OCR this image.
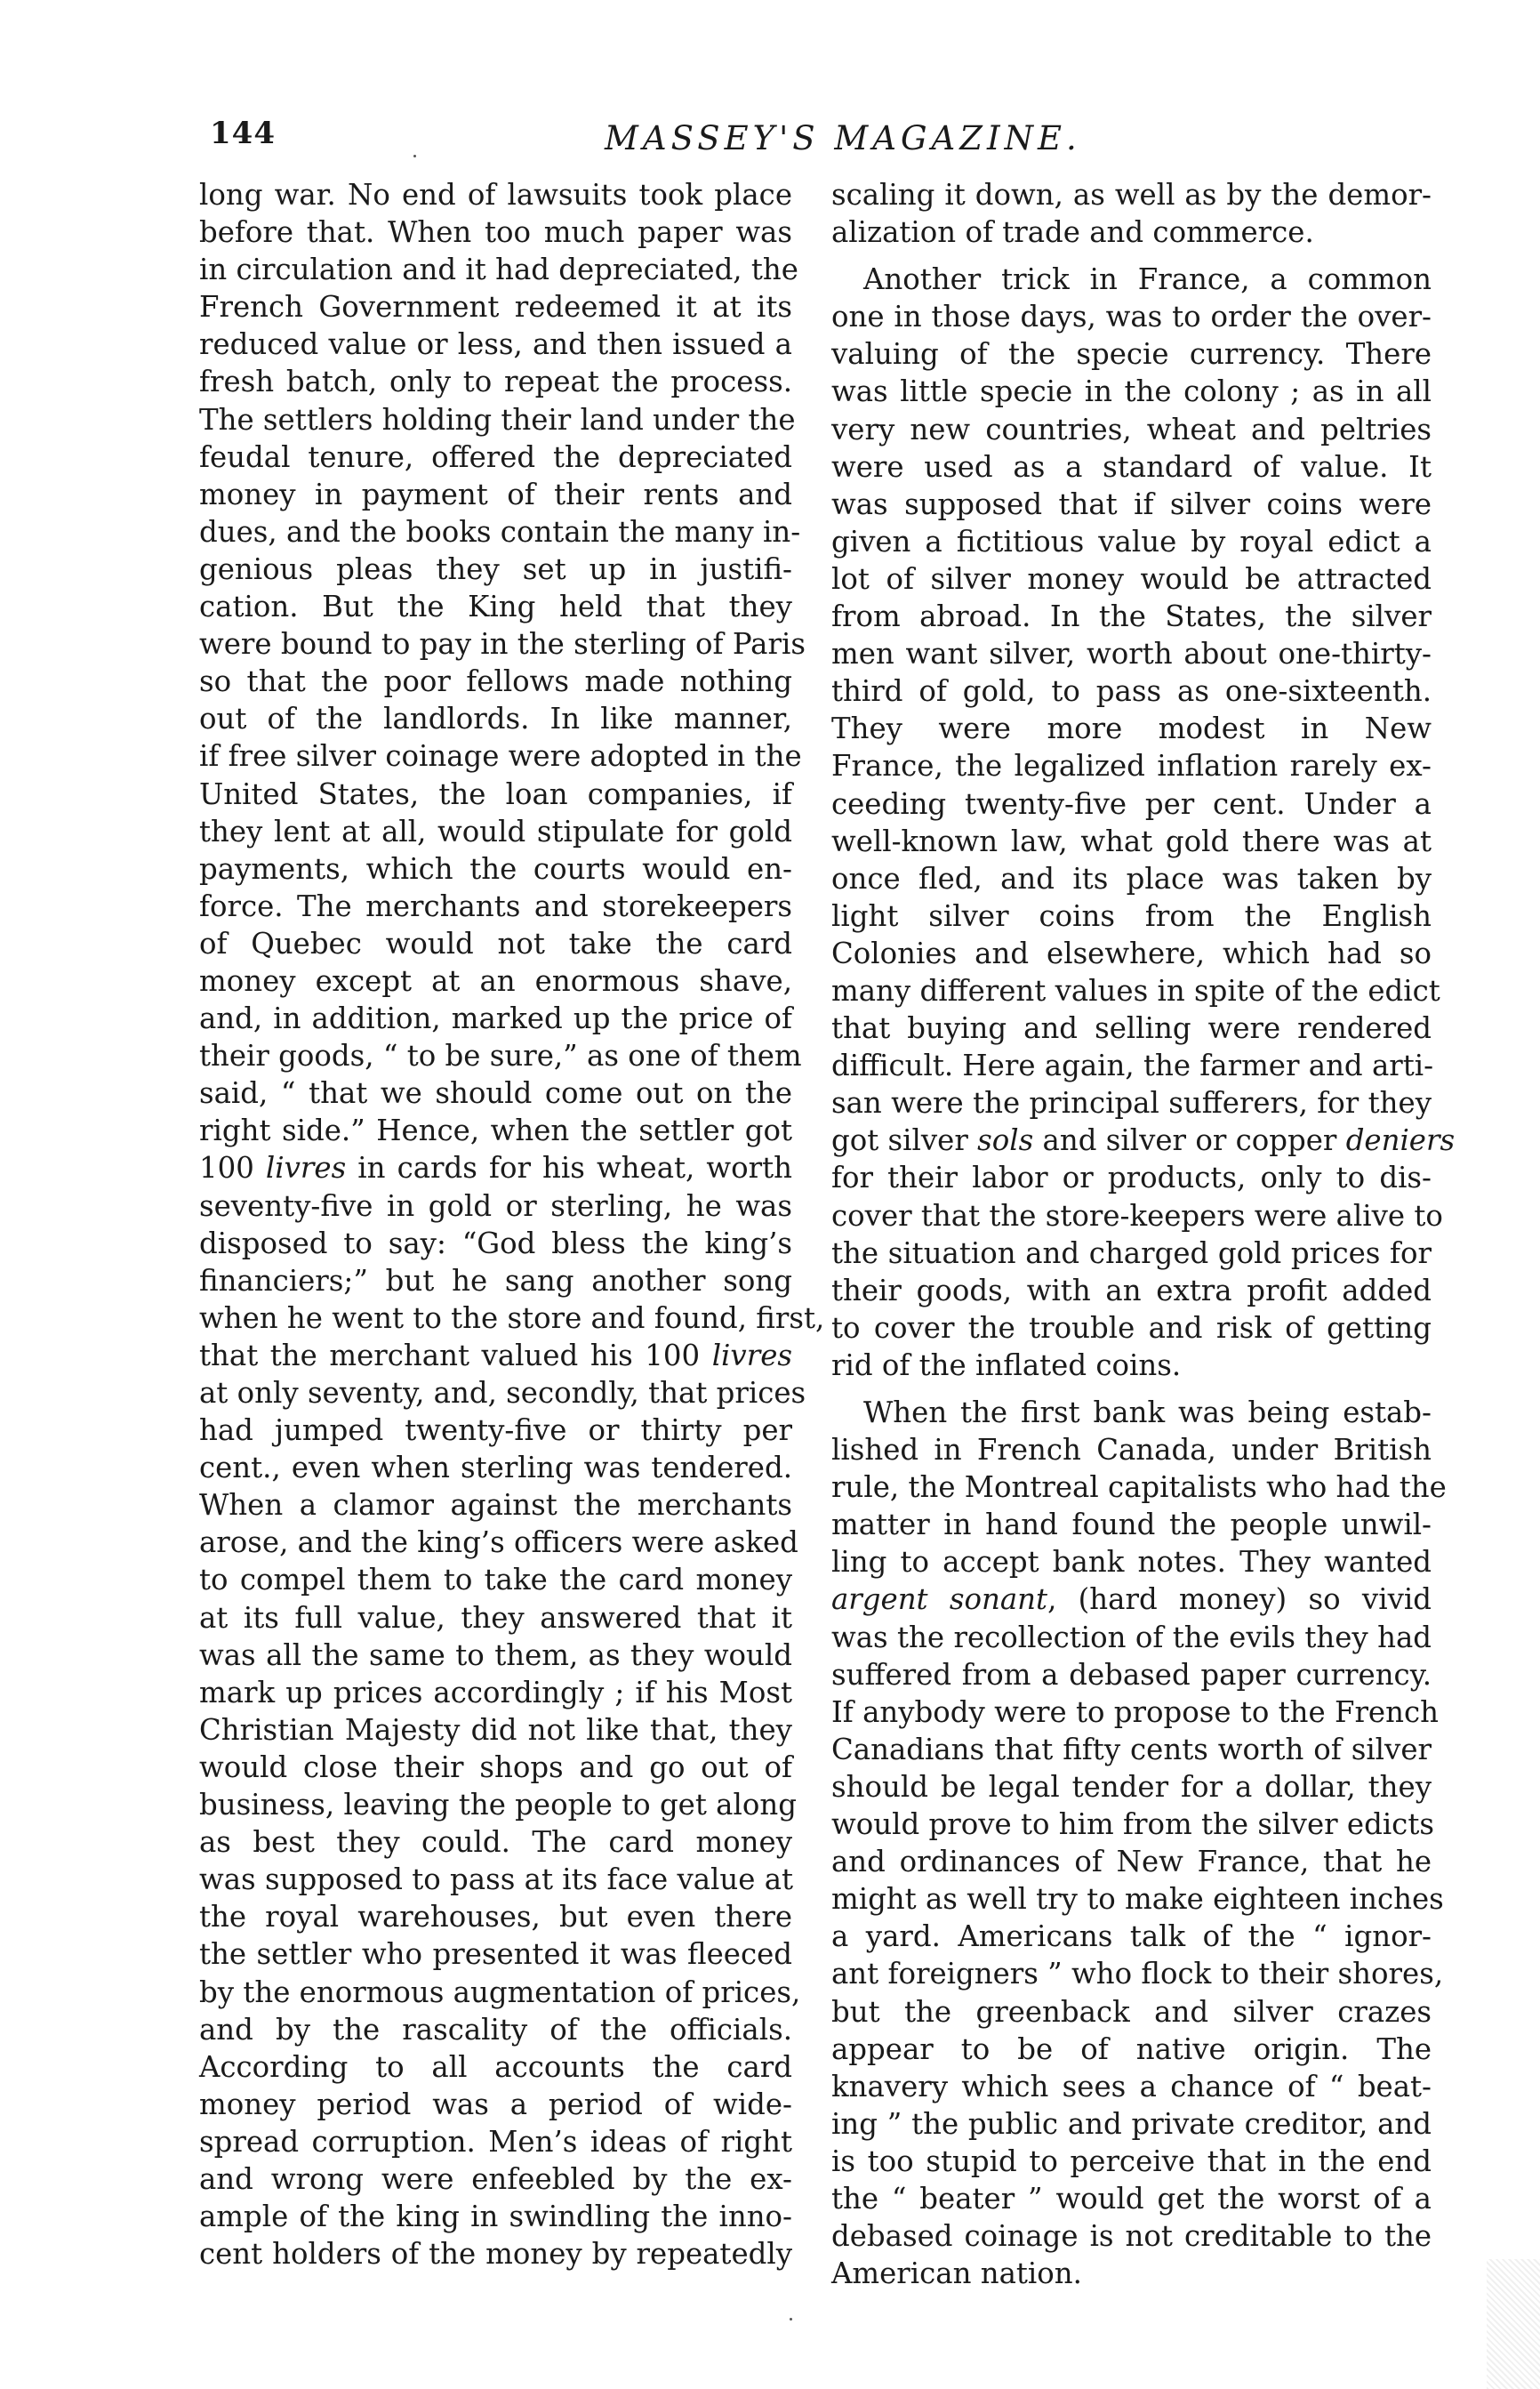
144	MASSEY'S MAGAZINE.

long war. No end of lawsuits took place
before that. When too much paper was
in circulation and it had depreciated, the
French Government redeemed it at its
reduced value or less, and then issued a
fresh batch, only to repeat the process.
The settlers holding their land under the
feudal tenure, offered the depreciated
money in payment of their rents and
dues, and the books contain the many in-
genious pleas they set up in justifi-
cation. But the King held that they
were bound to pay in the sterling of Paris
so that the poor fellows made nothing
out of the landlords. In like manner,
if free silver coinage were adopted in the
United States, the loan companies, if
they lent at all, would stipulate for gold
payments, which the courts would en-
force. The merchants and storekeepers
of Quebec would not take the card
money except at an enormous shave,
and, in addition, marked up the price of
their goods, “ to be sure,” as one of them
said, “ that we should come out on the
right side.” Hence, when the settler got
100 livres in cards for his wheat, worth
seventy-five in gold or sterling, he was
disposed to say: “God bless the king’s
financiers;” but he sang another song
when he went to the store and found, first,
that the merchant valued his 100 livres
at only seventy, and, secondly, that prices
had jumped twenty-five or thirty per
cent., even when sterling was tendered.
When a clamor against the merchants
arose, and the king’s officers were asked
to compel them to take the card money
at its full value, they answered that it
was all the same to them, as they would
mark up prices accordingly ; if his Most
Christian Majesty did not like that, they
would close their shops and go out of
business, leaving the people to get along
as best they could. The card money
was supposed to pass at its face value at
the royal warehouses, but even there
the settler who presented it was fleeced
by the enormous augmentation of prices,
and by the rascality of the officials.
According to all accounts the card
money period was a period of wide-
spread corruption. Men’s ideas of right
and wrong were enfeebled by the ex-
ample of the king in swindling the inno-
cent holders of the money by repeatedly

scaling it down, as well as by the demor-
alization of trade and commerce.

Another trick in France, a common
one in those days, was to order the over-
valuing of the specie currency. There
was little specie in the colony ; as in all
very new countries, wheat and peltries
were used as a standard of value. It
was supposed that if silver coins were
given a fictitious value by royal edict a
lot of silver money would be attracted
from abroad. In the States, the silver
men want silver, worth about one-thirty-
third of gold, to pass as one-sixteenth.
They were more modest in New
France, the legalized inflation rarely ex-
ceeding twenty-five per cent. Under a
well-known law, what gold there was at
once fled, and its place was taken by
light silver coins from the English
Colonies and elsewhere, which had so
many different values in spite of the edict
that buying and selling were rendered
difficult. Here again, the farmer and arti-
san were the principal sufferers, for they
got silver sols and silver or copper deniers
for their labor or products, only to dis-
cover that the store-keepers were alive to
the situation and charged gold prices for
their goods, with an extra profit added
to cover the trouble and risk of getting
rid of the inflated coins.

When the first bank was being estab-
lished in French Canada, under British
rule, the Montreal capitalists who had the
matter in hand found the people unwil-
ling to accept bank notes. They wanted
argent sonant, (hard money) so vivid
was the recollection of the evils they had
suffered from a debased paper currency.
If anybody were to propose to the French
Canadians that fifty cents worth of silver
should be legal tender for a dollar, they
would prove to him from the silver edicts
and ordinances of New France, that he
might as well try to make eighteen inches
a yard. Americans talk of the “ ignor-
ant foreigners ” who flock to their shores,
but the greenback and silver crazes
appear to be of native origin. The
knavery which sees a chance of “ beat-
ing ” the public and private creditor, and
is too stupid to perceive that in the end
the “ beater ” would get the worst of a
debased coinage is not creditable to the
American nation.
